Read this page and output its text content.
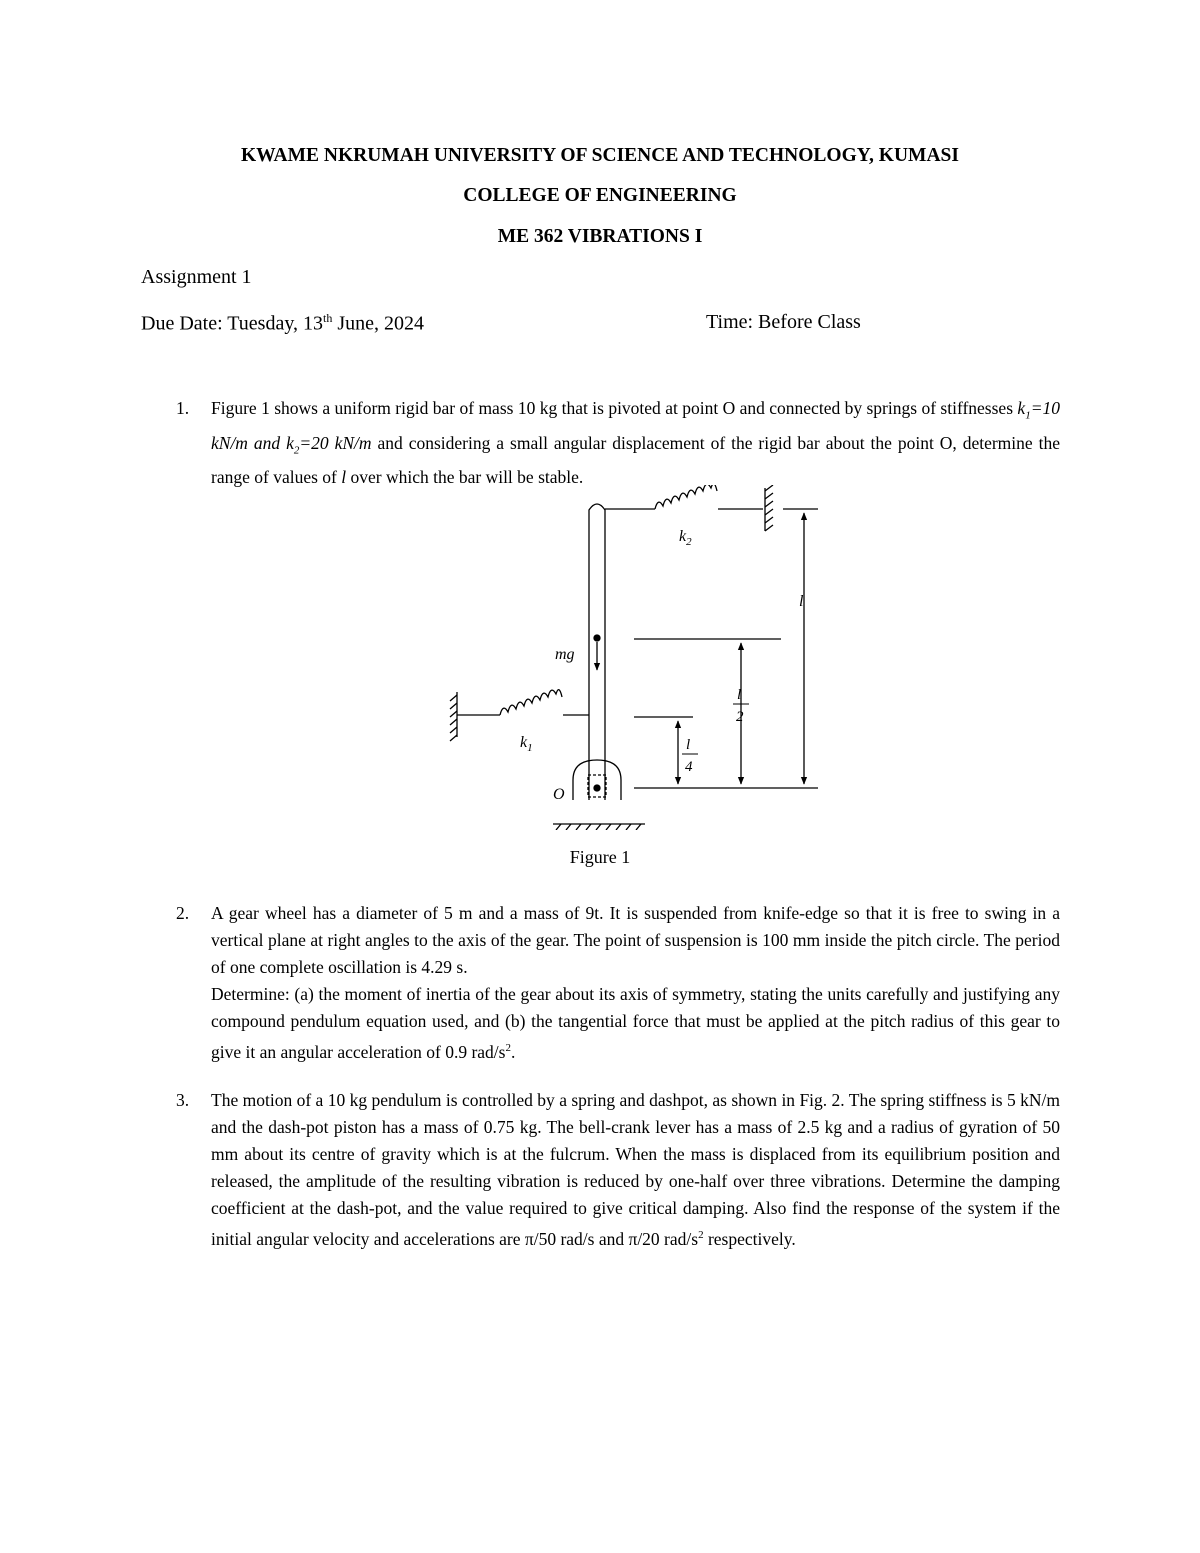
KWAME NKRUMAH UNIVERSITY OF SCIENCE AND TECHNOLOGY, KUMASI
COLLEGE OF ENGINEERING
ME 362 VIBRATIONS I
Assignment 1
Due Date: Tuesday, 13th June, 2024	Time: Before Class
1. Figure 1 shows a uniform rigid bar of mass 10 kg that is pivoted at point O and connected by springs of stiffnesses $k_1=10$ kN/m and $k_2=20$ kN/m and considering a small angular displacement of the rigid bar about the point O, determine the range of values of l over which the bar will be stable.

$k_2$
$k_1$
mg
O
l
l
2
l
4
Figure 1
2. A gear wheel has a diameter of 5 m and a mass of 9t. It is suspended from knife-edge so that it is free to swing in a vertical plane at right angles to the axis of the gear. The point of suspension is 100 mm inside the pitch circle. The period of one complete oscillation is 4.29 s.

Determine: (a) the moment of inertia of the gear about its axis of symmetry, stating the units carefully and justifying any compound pendulum equation used, and (b) the tangential force that must be applied at the pitch radius of this gear to give it an angular acceleration of 0.9 rad/$s^2$.

3. The motion of a 10 kg pendulum is controlled by a spring and dashpot, as shown in Fig. 2. The spring stiffness is 5 kN/m and the dash-pot piston has a mass of 0.75 kg. The bell-crank lever has a mass of 2.5 kg and a radius of gyration of 50 mm about its centre of gravity which is at the fulcrum. When the mass is displaced from its equilibrium position and released, the amplitude of the resulting vibration is reduced by one-half over three vibrations. Determine the damping coefficient at the dash-pot, and the value required to give critical damping. Also find the response of the system if the initial angular velocity and accelerations are π/50 rad/s and π/20 rad/$s^2$ respectively.
